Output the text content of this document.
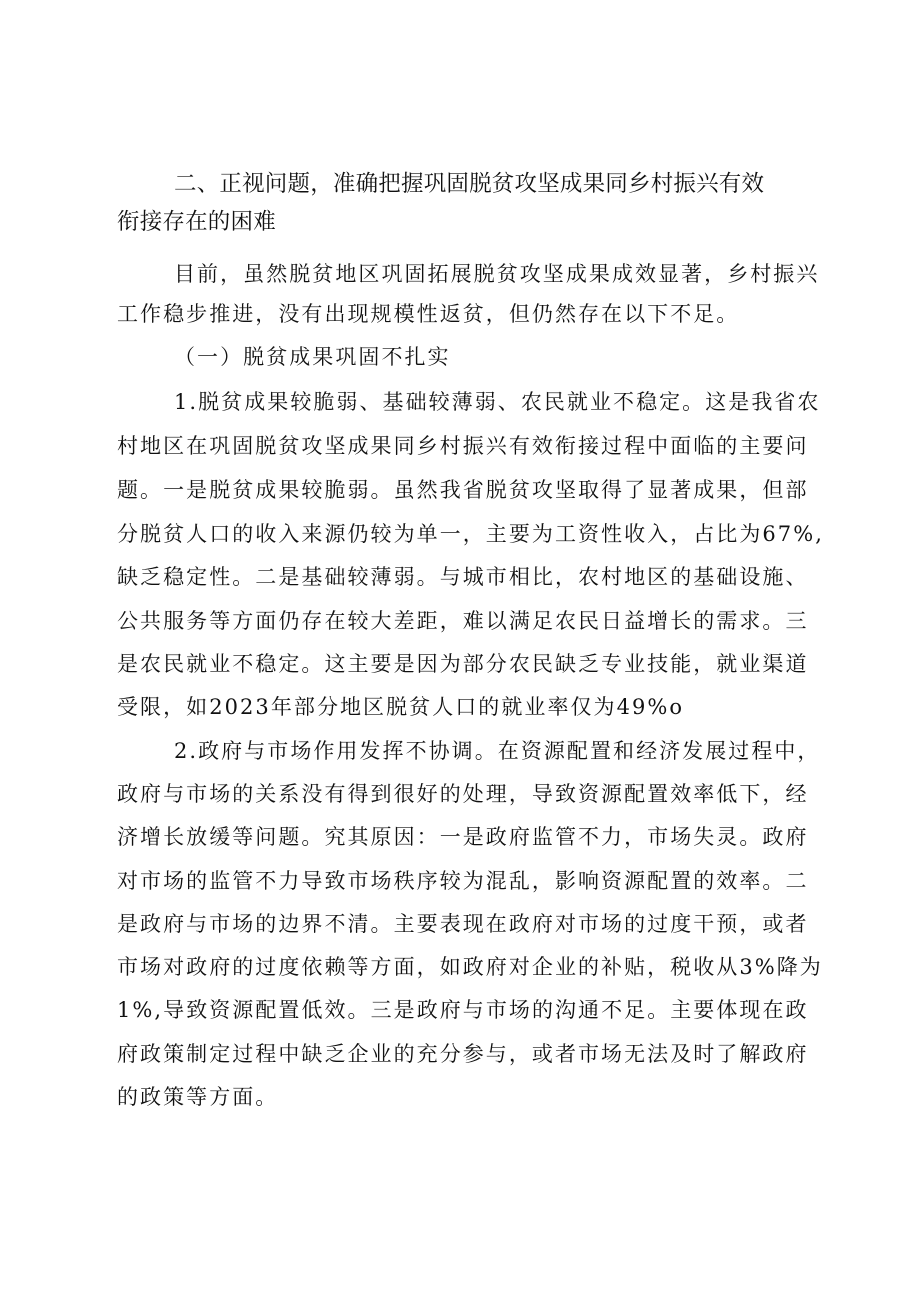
二、正视问题，准确把握巩固脱贫攻坚成果同乡村振兴有效
衔接存在的困难
目前，虽然脱贫地区巩固拓展脱贫攻坚成果成效显著，乡村振兴
工作稳步推进，没有出现规模性返贫，但仍然存在以下不足。
（一）脱贫成果巩固不扎实
1.脱贫成果较脆弱、基础较薄弱、农民就业不稳定。这是我省农
村地区在巩固脱贫攻坚成果同乡村振兴有效衔接过程中面临的主要问
题。一是脱贫成果较脆弱。虽然我省脱贫攻坚取得了显著成果，但部
分脱贫人口的收入来源仍较为单一，主要为工资性收入，占比为67%,
缺乏稳定性。二是基础较薄弱。与城市相比，农村地区的基础设施、
公共服务等方面仍存在较大差距，难以满足农民日益增长的需求。三
是农民就业不稳定。这主要是因为部分农民缺乏专业技能，就业渠道
受限，如2023年部分地区脱贫人口的就业率仅为49%o
2.政府与市场作用发挥不协调。在资源配置和经济发展过程中，
政府与市场的关系没有得到很好的处理，导致资源配置效率低下，经
济增长放缓等问题。究其原因：一是政府监管不力，市场失灵。政府
对市场的监管不力导致市场秩序较为混乱，影响资源配置的效率。二
是政府与市场的边界不清。主要表现在政府对市场的过度干预，或者
市场对政府的过度依赖等方面，如政府对企业的补贴，税收从3%降为
1%,导致资源配置低效。三是政府与市场的沟通不足。主要体现在政
府政策制定过程中缺乏企业的充分参与，或者市场无法及时了解政府
的政策等方面。
